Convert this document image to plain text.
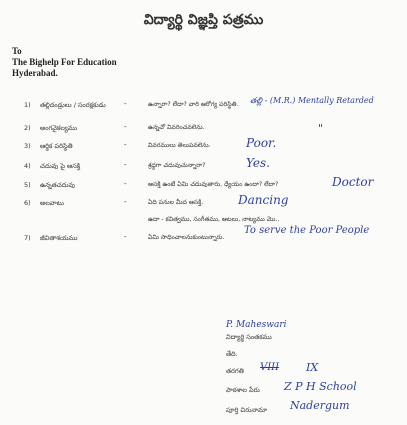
విద్యార్థి విజ్ఞప్తి పత్రము
To
The Bighelp For Education
Hyderabad.
1) తల్లిదండ్రులు / సంరక్షకుడు	-	ఉన్నారా? లేదా? వారి ఆరోగ్య పరిస్థితి. తల్లి - (M.R.) Mentally Retarded
2) అంగవైకల్యము	-	ఉన్నచో వివరించవలెను.	"
3) ఆర్థిక పరిస్థితి	-	వివరములు తెలుపవలెను.	Poor.
4) చదువు పై ఆసక్తి	-	శ్రద్ధగా చదువుచున్నారా?	Yes.
5) ఉన్నతచదువు	-	ఆసక్తి ఉంటే ఏమి చదువుతారు, ధ్యేయం ఉందా? లేదా?	Doctor
6) అలవాటు	-	ఏది పనుల మీద ఆసక్తి.	Dancing
ఉదా - కవిత్వము, సంగీతము, ఆటలు, నాట్యము మొ..
7) జీవితాశయము	-	ఏమి సాధించాలనుకుంటున్నారు.
To serve the Poor People
P. Maheswari
విద్యార్థి సంతకము
తేది.
తరగతి VIII IX
పాఠశాల పేరు Z P H School
పూర్తి చిరునామా Nadergum
